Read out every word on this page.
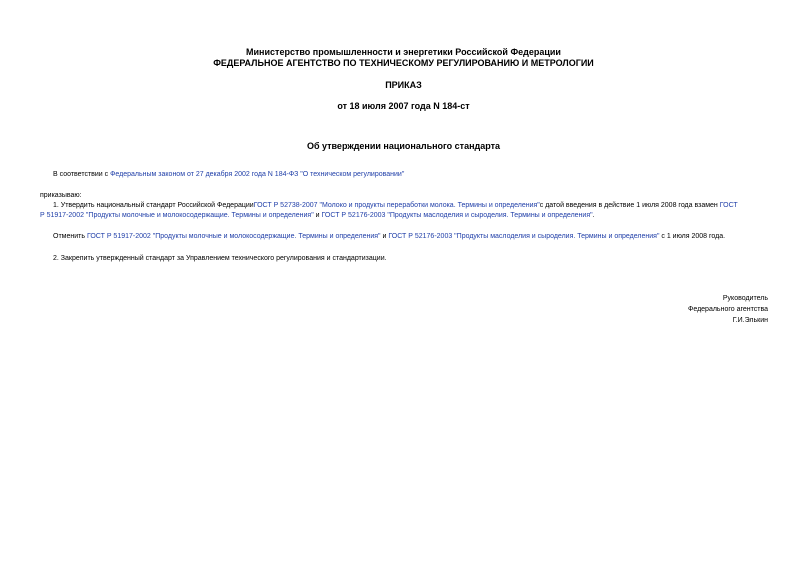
Министерство промышленности и энергетики Российской Федерации
ФЕДЕРАЛЬНОЕ АГЕНТСТВО ПО ТЕХНИЧЕСКОМУ РЕГУЛИРОВАНИЮ И МЕТРОЛОГИИ
ПРИКАЗ
от 18 июля 2007 года N 184-ст
Об утверждении национального стандарта
В соответствии с Федеральным законом от 27 декабря 2002 года N 184-ФЗ "О техническом регулировании"
приказываю:
1. Утвердить национальный стандарт Российской ФедерацииГОСТ Р 52738-2007 "Молоко и продукты переработки молока. Термины и определения"с датой введения в действие 1 июля 2008 года взамен ГОСТ
Р 51917-2002 "Продукты молочные и молокосодержащие. Термины и определения" и ГОСТ Р 52176-2003 "Продукты маслоделия и сыроделия. Термины и определения".
Отменить ГОСТ Р 51917-2002 "Продукты молочные и молокосодержащие. Термины и определения" и ГОСТ Р 52176-2003 "Продукты маслоделия и сыроделия. Термины и определения" с 1 июля 2008 года.
2. Закрепить утвержденный стандарт за Управлением технического регулирования и стандартизации.
Руководитель
Федерального агентства
Г.И.Элькин
